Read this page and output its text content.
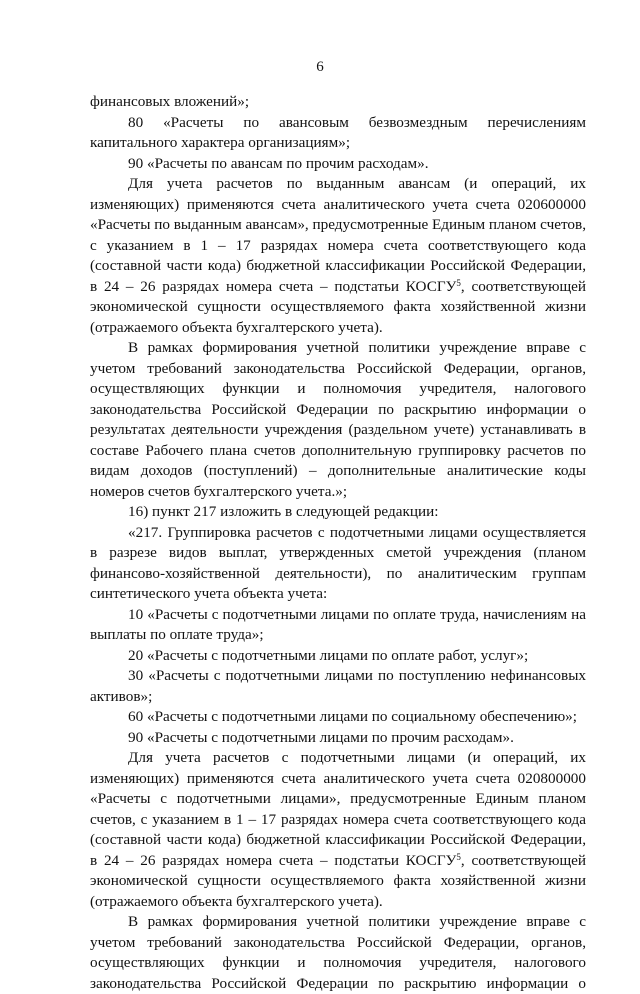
6
финансовых вложений»;
80 «Расчеты по авансовым безвозмездным перечислениям
капитального характера организациям»;
90 «Расчеты по авансам по прочим расходам».
Для учета расчетов по выданным авансам (и операций, их
изменяющих) применяются счета аналитического учета счета 020600000
«Расчеты по выданным авансам», предусмотренные Единым планом счетов,
с указанием в 1 – 17 разрядах номера счета соответствующего кода
(составной части кода) бюджетной классификации Российской Федерации,
в 24 – 26 разрядах номера счета – подстатьи КОСГУ$^5$, соответствующей
экономической сущности осуществляемого факта хозяйственной жизни
(отражаемого объекта бухгалтерского учета).
В рамках формирования учетной политики учреждение вправе с
учетом требований законодательства Российской Федерации, органов,
осуществляющих функции и полномочия учредителя, налогового
законодательства Российской Федерации по раскрытию информации о
результатах деятельности учреждения (раздельном учете) устанавливать в
составе Рабочего плана счетов дополнительную группировку расчетов по
видам доходов (поступлений) – дополнительные аналитические коды
номеров счетов бухгалтерского учета.»;
16) пункт 217 изложить в следующей редакции:
«217. Группировка расчетов с подотчетными лицами осуществляется
в разрезе видов выплат, утвержденных сметой учреждения (планом
финансово-хозяйственной деятельности), по аналитическим группам
синтетического учета объекта учета:
10 «Расчеты с подотчетными лицами по оплате труда, начислениям на
выплаты по оплате труда»;
20 «Расчеты с подотчетными лицами по оплате работ, услуг»;
30 «Расчеты с подотчетными лицами по поступлению нефинансовых
активов»;
60 «Расчеты с подотчетными лицами по социальному обеспечению»;
90 «Расчеты с подотчетными лицами по прочим расходам».
Для учета расчетов с подотчетными лицами (и операций, их
изменяющих) применяются счета аналитического учета счета 020800000
«Расчеты с подотчетными лицами», предусмотренные Единым планом
счетов, с указанием в 1 – 17 разрядах номера счета соответствующего кода
(составной части кода) бюджетной классификации Российской Федерации,
в 24 – 26 разрядах номера счета – подстатьи КОСГУ$^5$, соответствующей
экономической сущности осуществляемого факта хозяйственной жизни
(отражаемого объекта бухгалтерского учета).
В рамках формирования учетной политики учреждение вправе с
учетом требований законодательства Российской Федерации, органов,
осуществляющих функции и полномочия учредителя, налогового
законодательства Российской Федерации по раскрытию информации о
